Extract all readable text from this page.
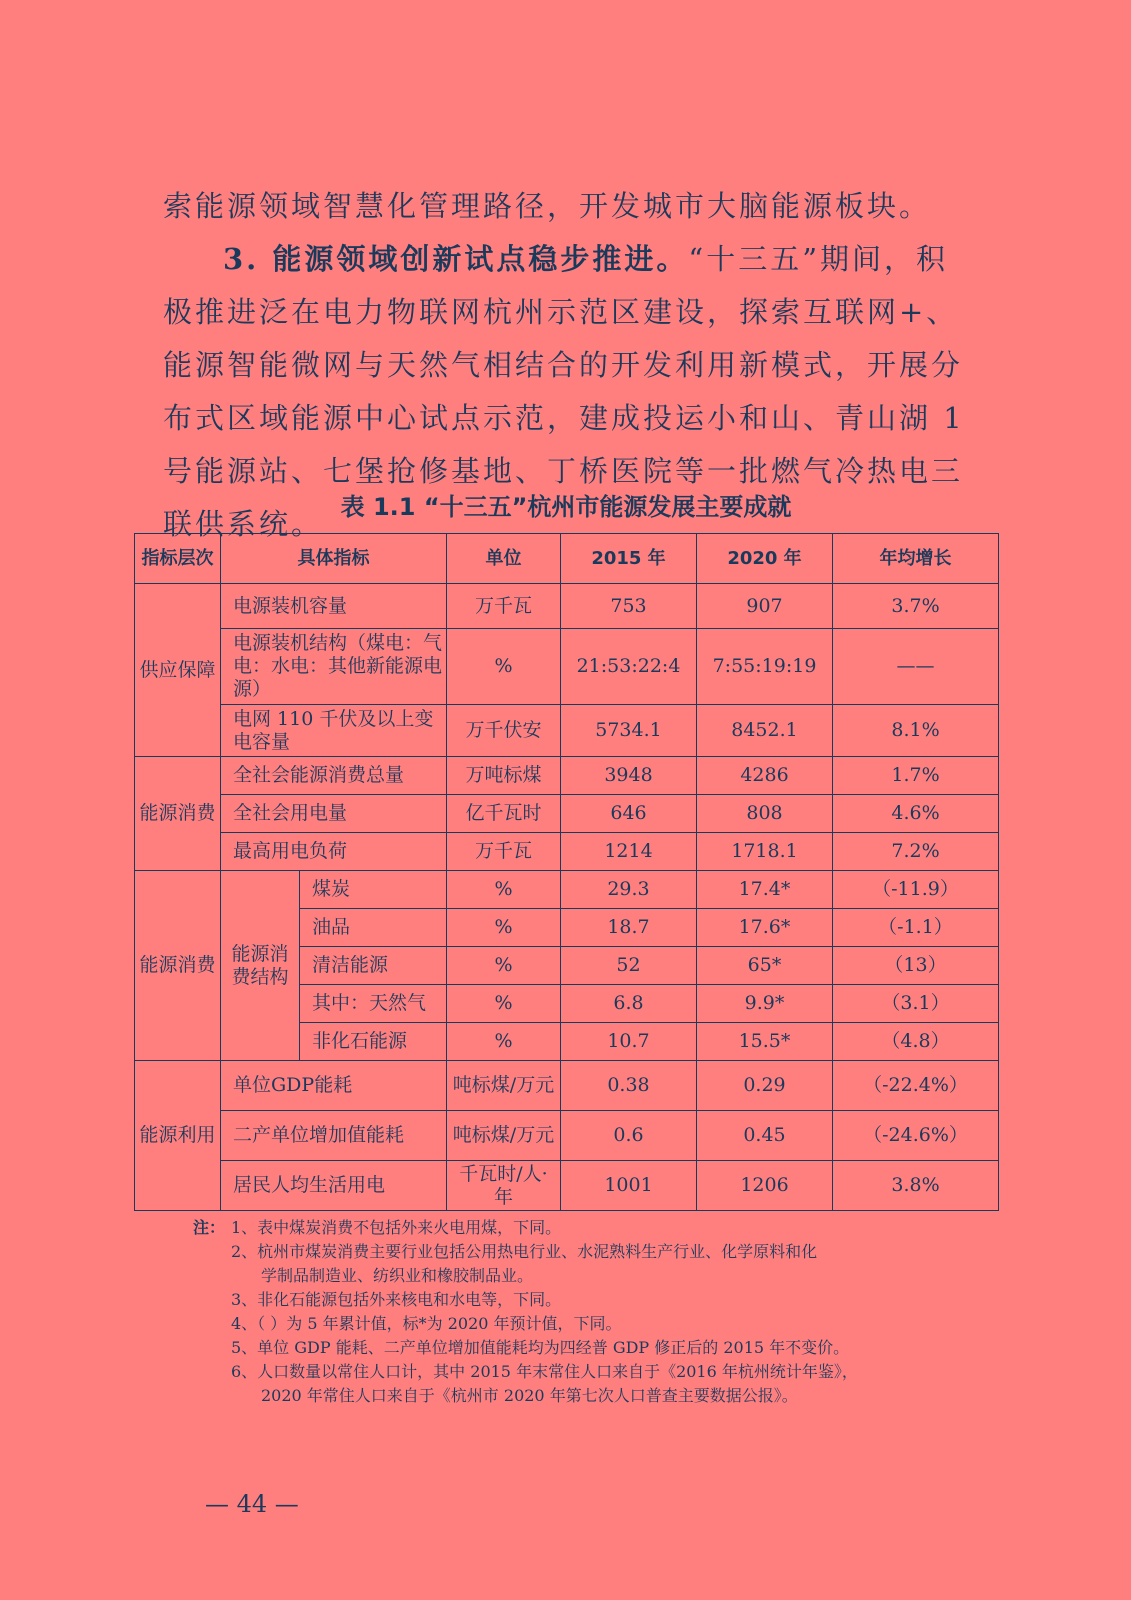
索能源领域智慧化管理路径，开发城市大脑能源板块。

3. 能源领域创新试点稳步推进。“十三五”期间，积极推进泛在电力物联网杭州示范区建设，探索互联网+、能源智能微网与天然气相结合的开发利用新模式，开展分布式区域能源中心试点示范，建成投运小和山、青山湖 1 号能源站、七堡抢修基地、丁桥医院等一批燃气冷热电三联供系统。 表 1.1 “十三五”杭州市能源发展主要成就
指标层次	具体指标		单位	2015 年	2020 年	年均增长
供应保障	电源装机容量		万千瓦	753	907	3.7%
	电源装机结构（煤电：气电：水电：其他新能源电源）		%	21:53:22:4	7:55:19:19	——
	电网 110 千伏及以上变电容量		万千伏安	5734.1	8452.1	8.1%
能源消费	全社会能源消费总量		万吨标煤	3948	4286	1.7%
	全社会用电量		亿千瓦时	646	808	4.6%
	最高用电负荷		万千瓦	1214	1718.1	7.2%
能源消费	能源消费结构	煤炭	%	29.3	17.4*	（-11.9）
		油品	%	18.7	17.6*	（-1.1）
		清洁能源	%	52	65*	（13）
		其中：天然气	%	6.8	9.9*	（3.1）
		非化石能源	%	10.7	15.5*	（4.8）
能源利用	单位GDP能耗		吨标煤/万元	0.38	0.29	（-22.4%）
	二产单位增加值能耗		吨标煤/万元	0.6	0.45	（-24.6%）
	居民人均生活用电		千瓦时/人·年	1001	1206	3.8%
注： 1、表中煤炭消费不包括外来火电用煤，下同。
2、杭州市煤炭消费主要行业包括公用热电行业、水泥熟料生产行业、化学原料和化
学制品制造业、纺织业和橡胶制品业。
3、非化石能源包括外来核电和水电等，下同。
4、（ ）为 5 年累计值，标*为 2020 年预计值，下同。
5、单位 GDP 能耗、二产单位增加值能耗均为四经普 GDP 修正后的 2015 年不变价。
6、人口数量以常住人口计，其中 2015 年末常住人口来自于《2016 年杭州统计年鉴》，
2020 年常住人口来自于《杭州市 2020 年第七次人口普查主要数据公报》。
— 44 —
